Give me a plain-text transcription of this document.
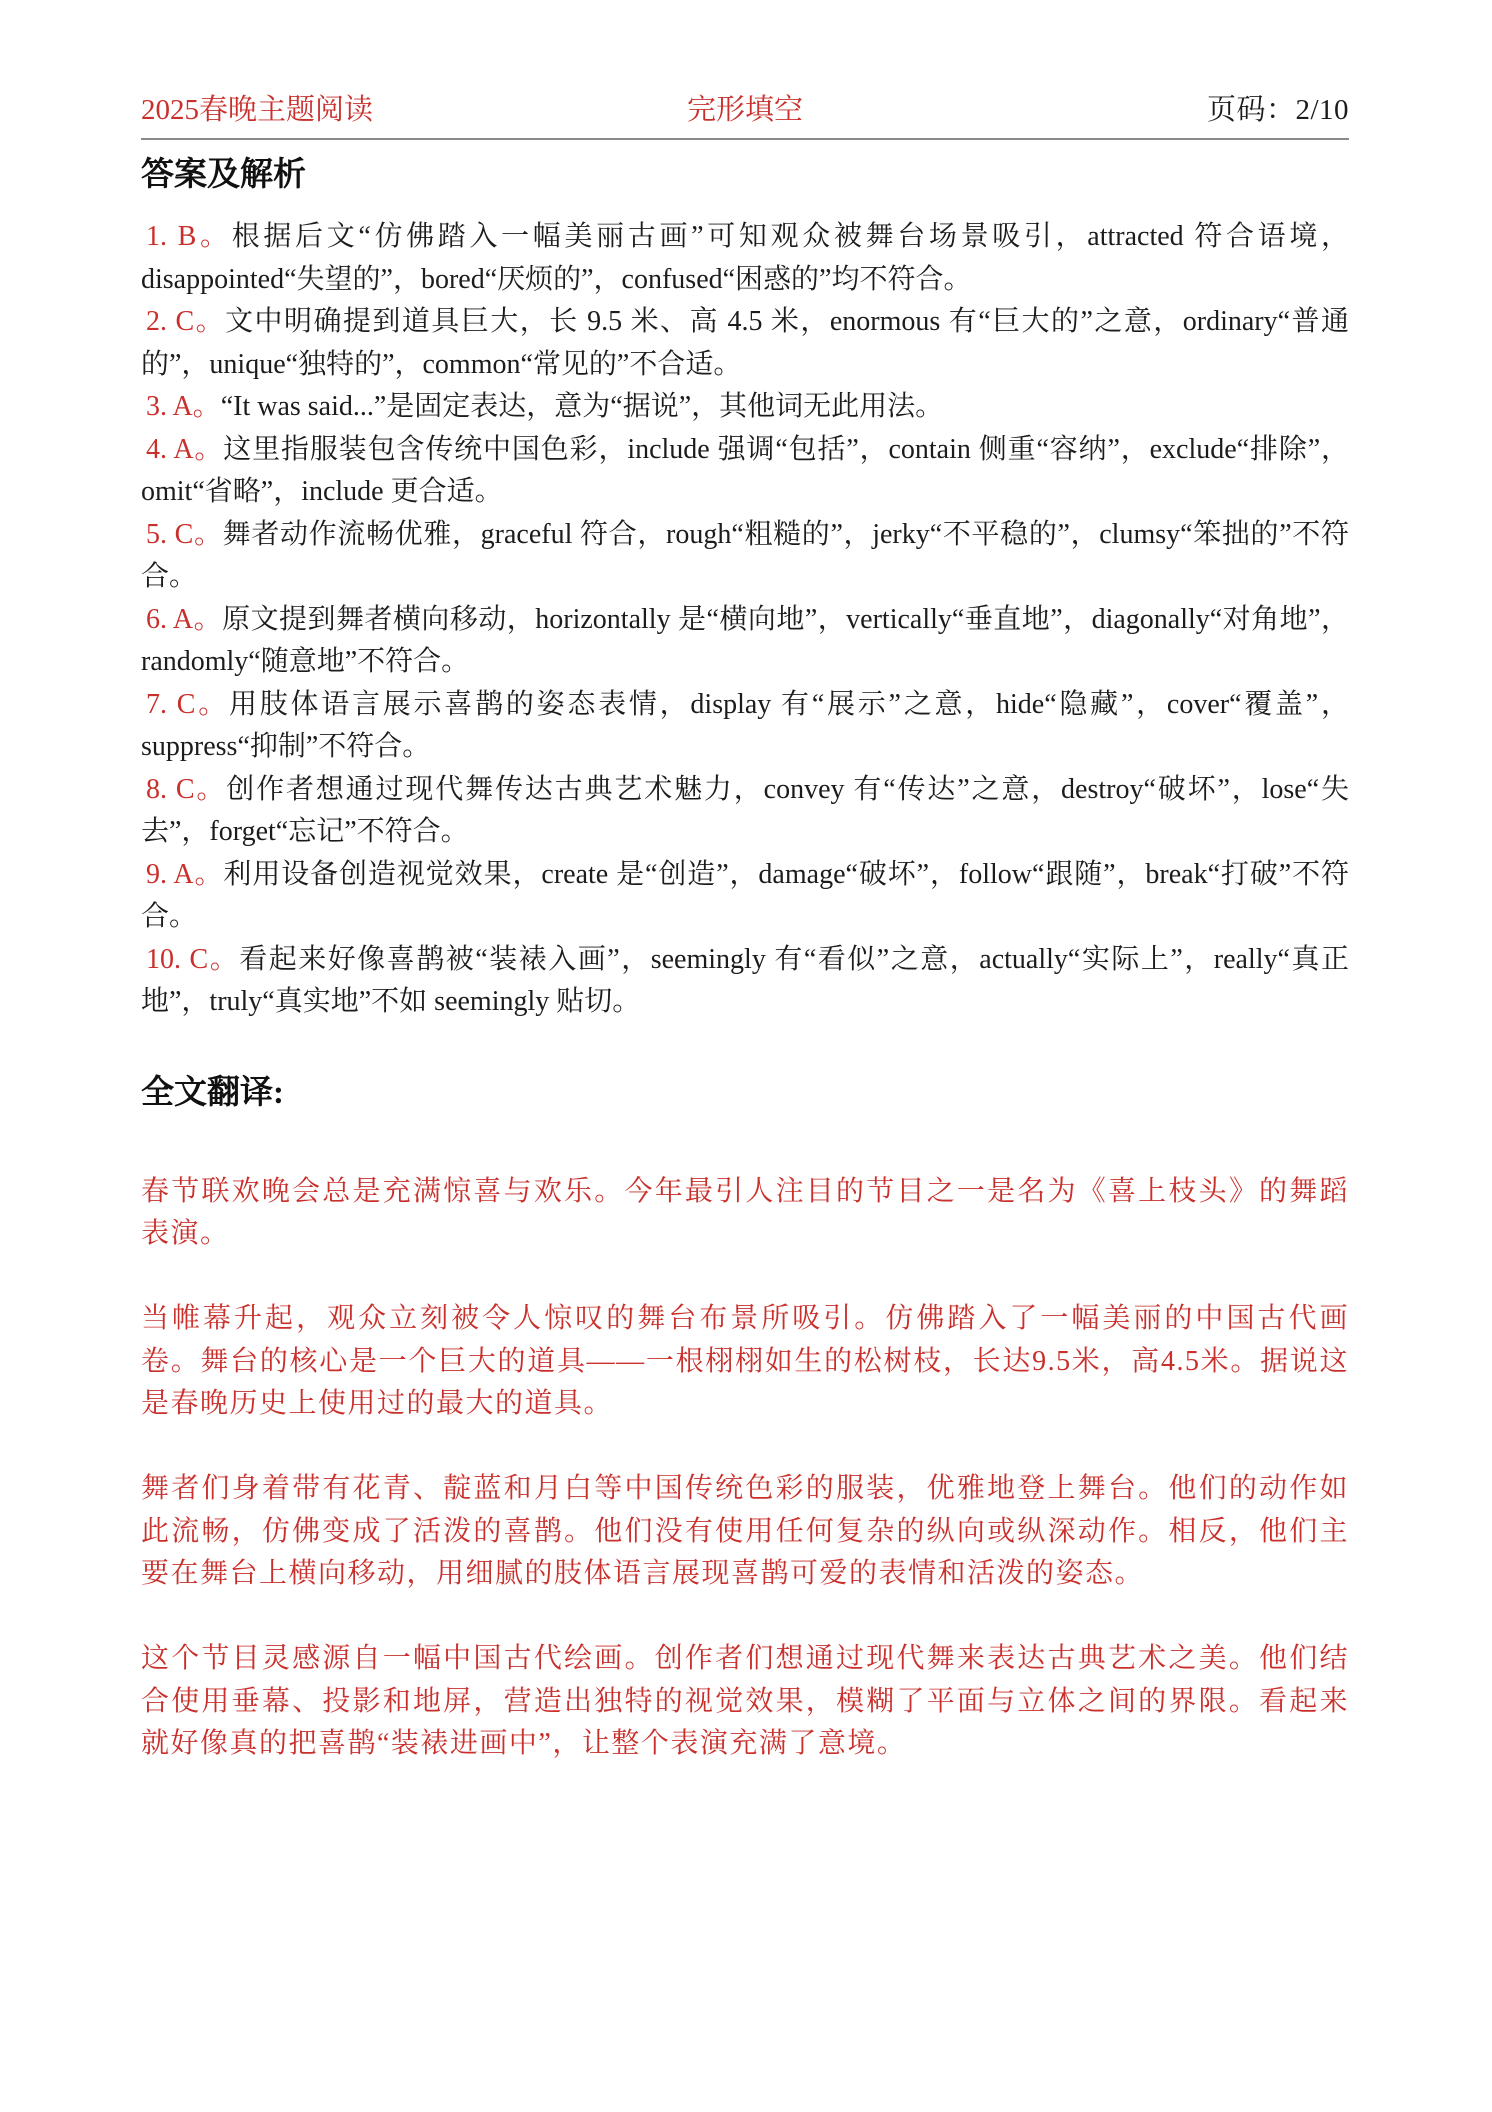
2025春晚主题阅读	完形填空	页码：2/10
答案及解析

1. B。根据后文“仿佛踏入一幅美丽古画”可知观众被舞台场景吸引，attracted 符合语境，disappointed“失望的”，bored“厌烦的”，confused“困惑的”均不符合。

2. C。文中明确提到道具巨大，长 9.5 米、高 4.5 米，enormous 有“巨大的”之意，ordinary“普通的”，unique“独特的”，common“常见的”不合适。

3. A。“It was said...”是固定表达，意为“据说”，其他词无此用法。

4. A。这里指服装包含传统中国色彩，include 强调“包括”，contain 侧重“容纳”，exclude“排除”，omit“省略”，include 更合适。

5. C。舞者动作流畅优雅，graceful 符合，rough“粗糙的”，jerky“不平稳的”，clumsy“笨拙的”不符合。

6. A。原文提到舞者横向移动，horizontally 是“横向地”，vertically“垂直地”，diagonally“对角地”，randomly“随意地”不符合。

7. C。用肢体语言展示喜鹊的姿态表情，display 有“展示”之意，hide“隐藏”，cover“覆盖”，suppress“抑制”不符合。

8. C。创作者想通过现代舞传达古典艺术魅力，convey 有“传达”之意，destroy“破坏”，lose“失去”，forget“忘记”不符合。

9. A。利用设备创造视觉效果，create 是“创造”，damage“破坏”，follow“跟随”，break“打破”不符合。

10. C。看起来好像喜鹊被“装裱入画”，seemingly 有“看似”之意，actually“实际上”，really“真正地”，truly“真实地”不如 seemingly 贴切。

全文翻译:

春节联欢晚会总是充满惊喜与欢乐。今年最引人注目的节目之一是名为《喜上枝头》的舞蹈表演。

当帷幕升起，观众立刻被令人惊叹的舞台布景所吸引。仿佛踏入了一幅美丽的中国古代画卷。舞台的核心是一个巨大的道具——一根栩栩如生的松树枝，长达9.5米，高4.5米。据说这是春晚历史上使用过的最大的道具。

舞者们身着带有花青、靛蓝和月白等中国传统色彩的服装，优雅地登上舞台。他们的动作如此流畅，仿佛变成了活泼的喜鹊。他们没有使用任何复杂的纵向或纵深动作。相反，他们主要在舞台上横向移动，用细腻的肢体语言展现喜鹊可爱的表情和活泼的姿态。

这个节目灵感源自一幅中国古代绘画。创作者们想通过现代舞来表达古典艺术之美。他们结合使用垂幕、投影和地屏，营造出独特的视觉效果，模糊了平面与立体之间的界限。看起来就好像真的把喜鹊“装裱进画中”，让整个表演充满了意境。
